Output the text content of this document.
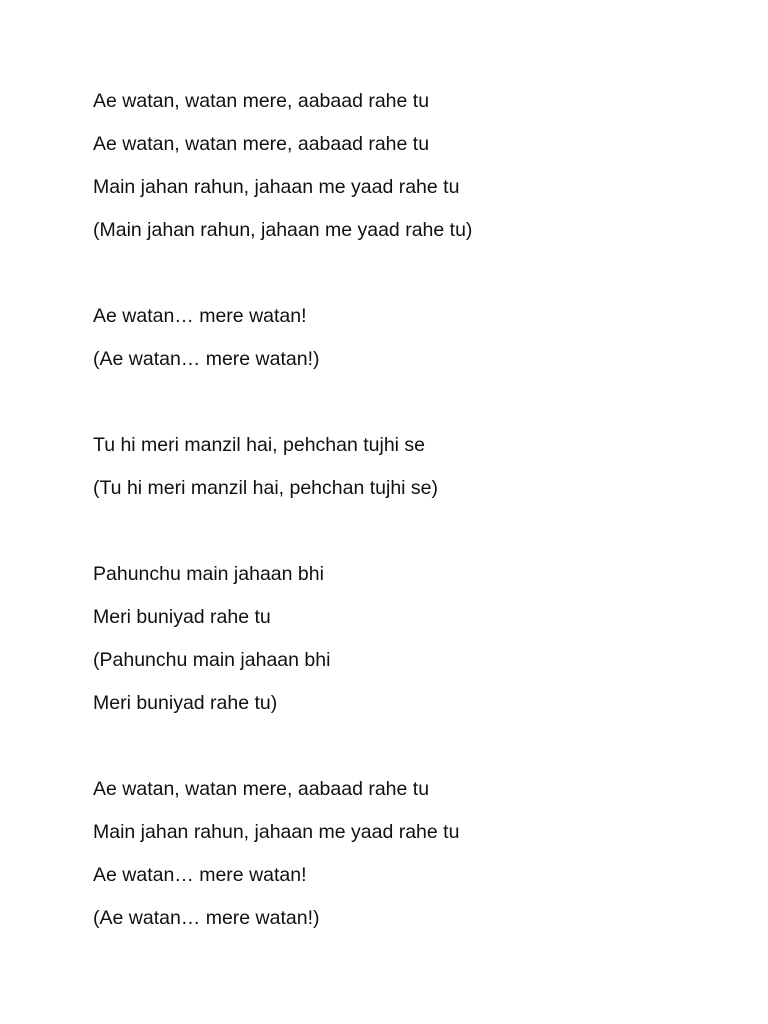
Ae watan, watan mere, aabaad rahe tu
Ae watan, watan mere, aabaad rahe tu
Main jahan rahun, jahaan me yaad rahe tu
(Main jahan rahun, jahaan me yaad rahe tu)
Ae watan… mere watan!
(Ae watan… mere watan!)
Tu hi meri manzil hai, pehchan tujhi se
(Tu hi meri manzil hai, pehchan tujhi se)
Pahunchu main jahaan bhi
Meri buniyad rahe tu
(Pahunchu main jahaan bhi
Meri buniyad rahe tu)
Ae watan, watan mere, aabaad rahe tu
Main jahan rahun, jahaan me yaad rahe tu
Ae watan… mere watan!
(Ae watan… mere watan!)
